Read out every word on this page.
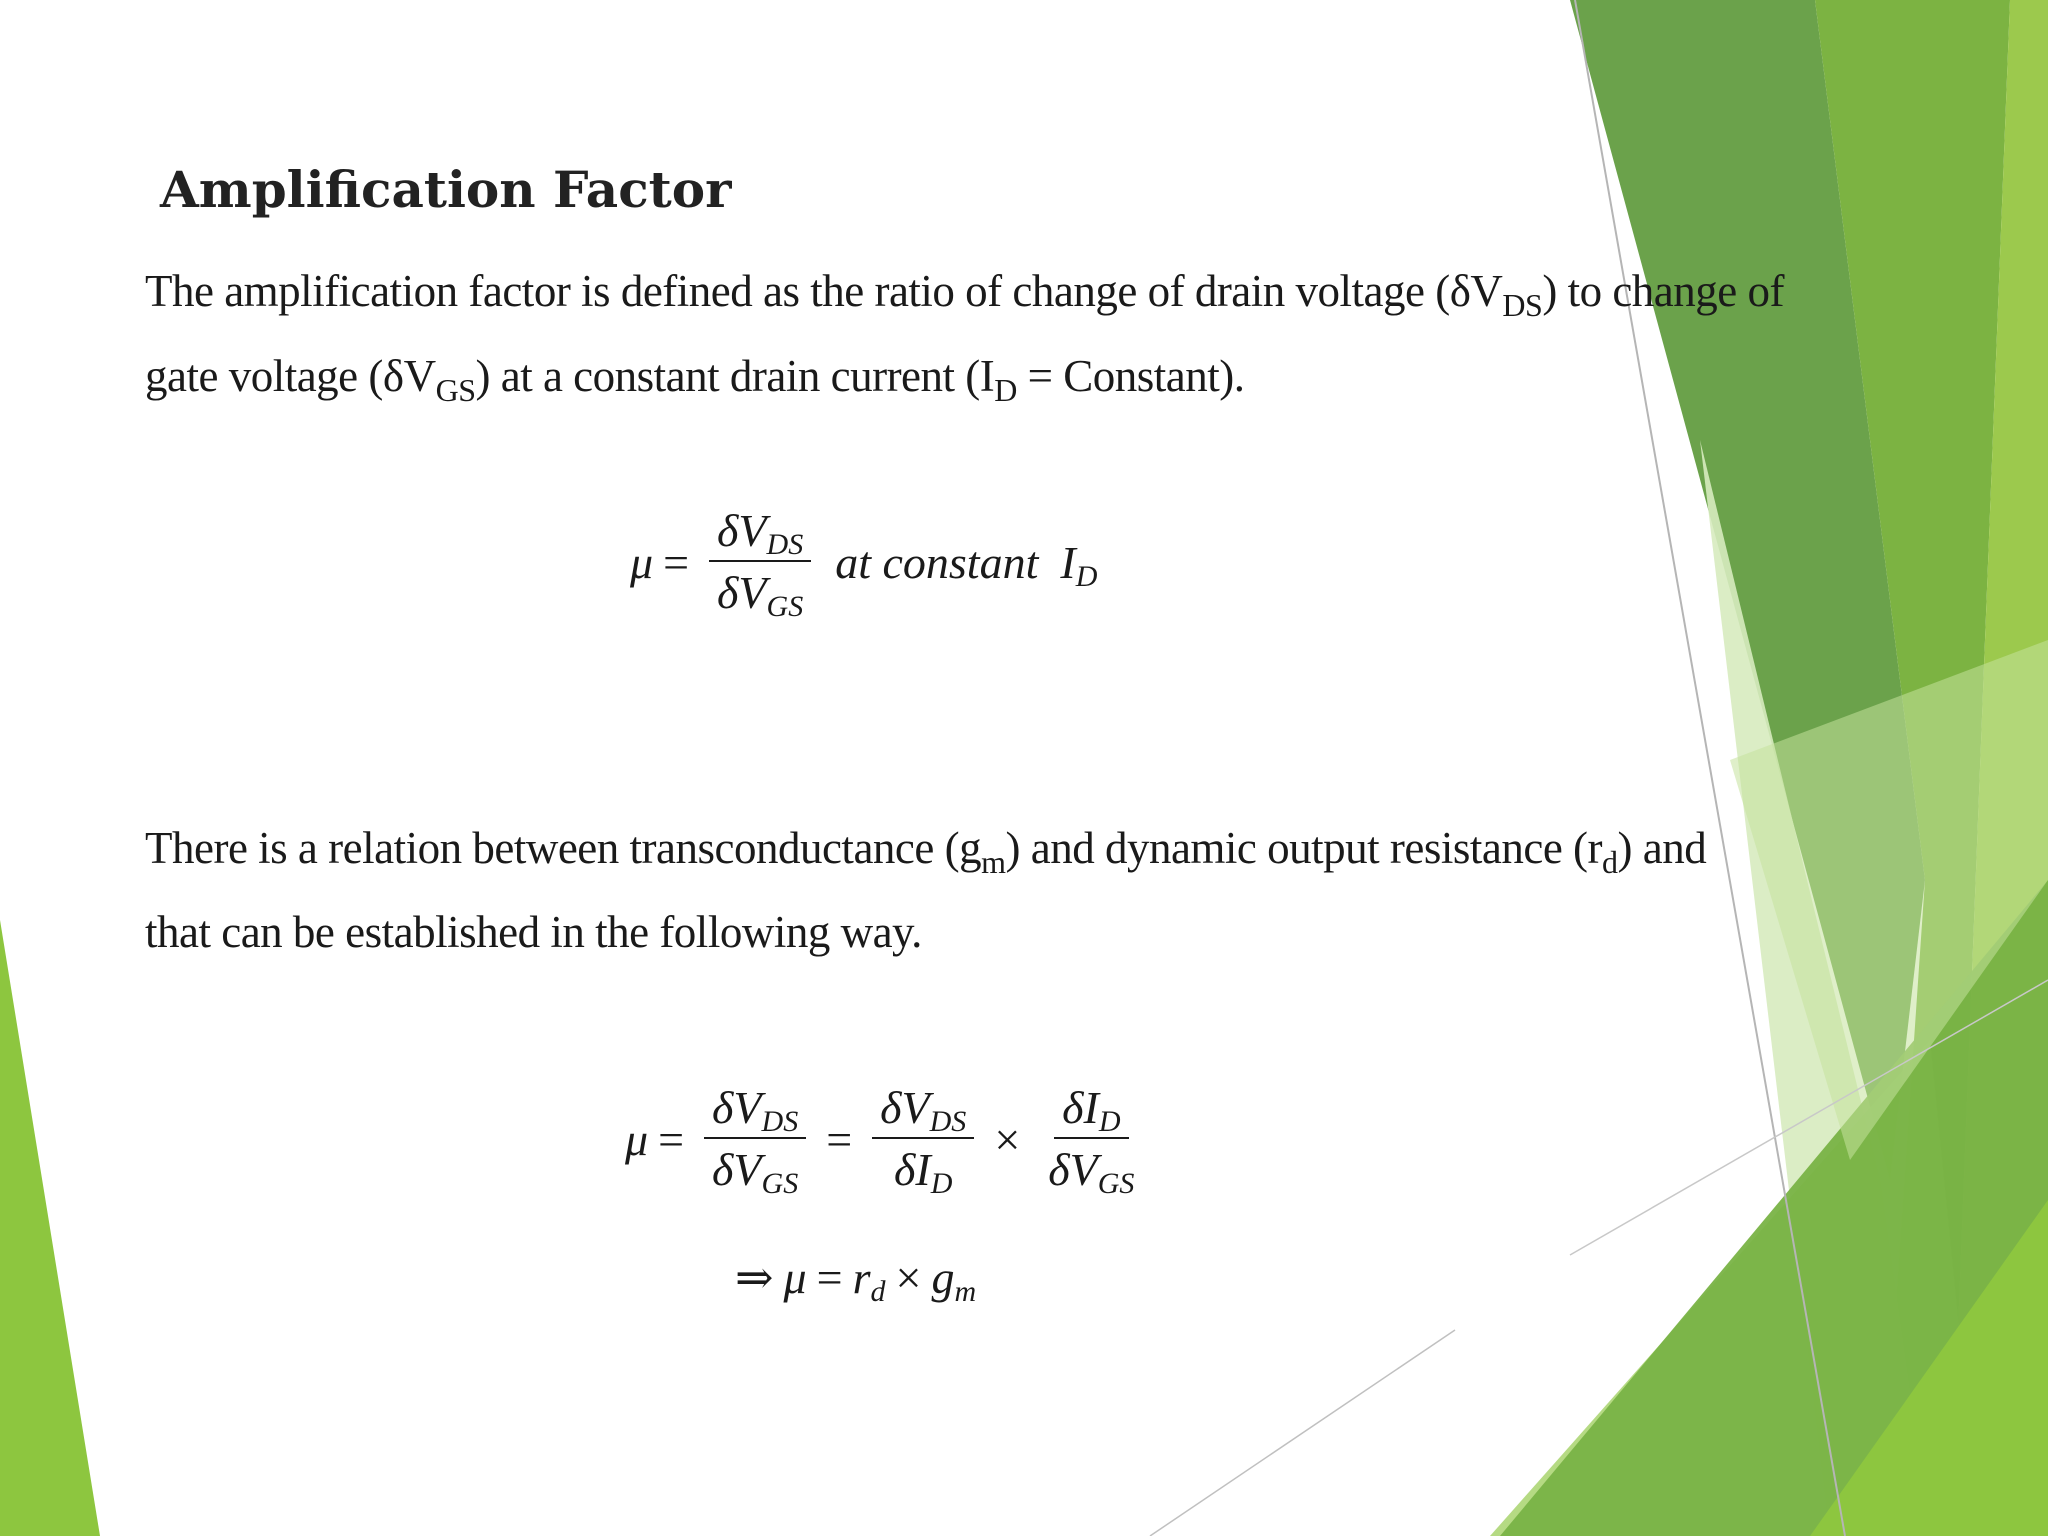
Amplification Factor
The amplification factor is defined as the ratio of change of drain voltage $(\delta V_{DS})$ to change of
gate voltage $(\delta V_{GS})$ at a constant drain current ($I_D$ = Constant).
$\mu = \frac{\delta V_{DS}}{\delta V_{GS}}$ at constant $I_D$
There is a relation between transconductance $(g_m)$ and dynamic output resistance $(r_d)$ and
that can be established in the following way.
$\mu = \frac{\delta V_{DS}}{\delta V_{GS}} = \frac{\delta V_{DS}}{\delta I_D} \times \frac{\delta I_D}{\delta V_{GS}}$
⇒ $\mu = r_d \times g_m$
